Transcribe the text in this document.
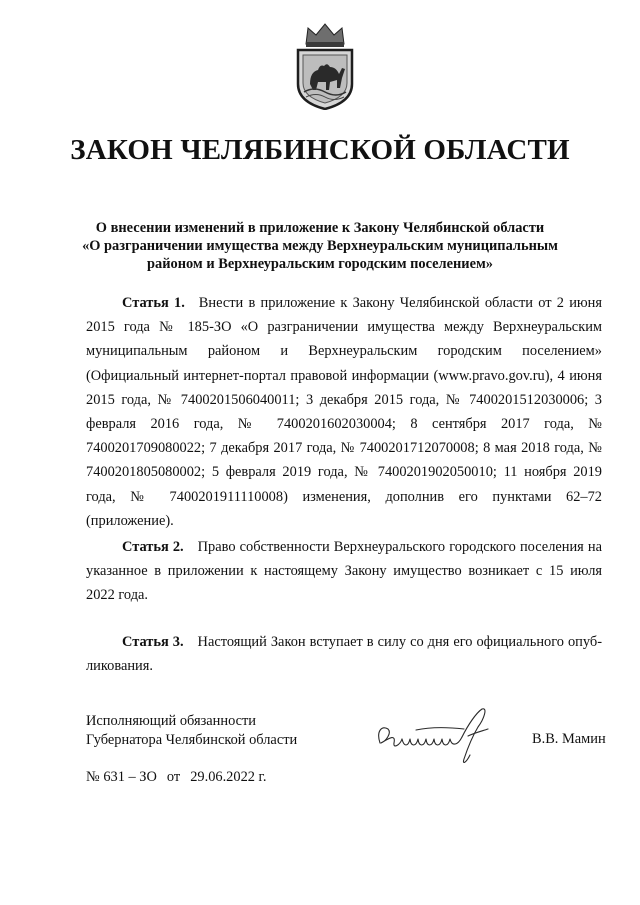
ЗАКОН ЧЕЛЯБИНСКОЙ ОБЛАСТИ
О внесении изменений в приложение к Закону Челябинской области
«О разграничении имущества между Верхнеуральским муниципальным
районом и Верхнеуральским городским поселением»

Статья 1. Внести в приложение к Закону Челябинской области от 2 июня 2015 года № 185-ЗО «О разграничении имущества между Верхнеуральским муниципальным районом и Верхнеуральским городским поселением» (Официальный интернет-портал правовой информации (www.pravo.gov.ru), 4 июня 2015 года, № 7400201506040011; 3 декабря 2015 года, № 7400201512030006; 3 февраля 2016 года, № 7400201602030004; 8 сентября 2017 года, № 7400201709080022; 7 декабря 2017 года, № 7400201712070008; 8 мая 2018 года, № 7400201805080002; 5 февраля 2019 года, № 7400201902050010; 11 ноября 2019 года, № 7400201911110008) изменения, дополнив его пунктами 62–72 (приложение).

Статья 2. Право собственности Верхнеуральского городского поселения на указанное в приложении к настоящему Закону имущество возникает с 15 июля 2022 года.

Статья 3. Настоящий Закон вступает в силу со дня его официального опубликования.

Исполняющий обязанности
Губернатора Челябинской области	В.В. Мамин
№ 631 – ЗО от 29.06.2022 г.
